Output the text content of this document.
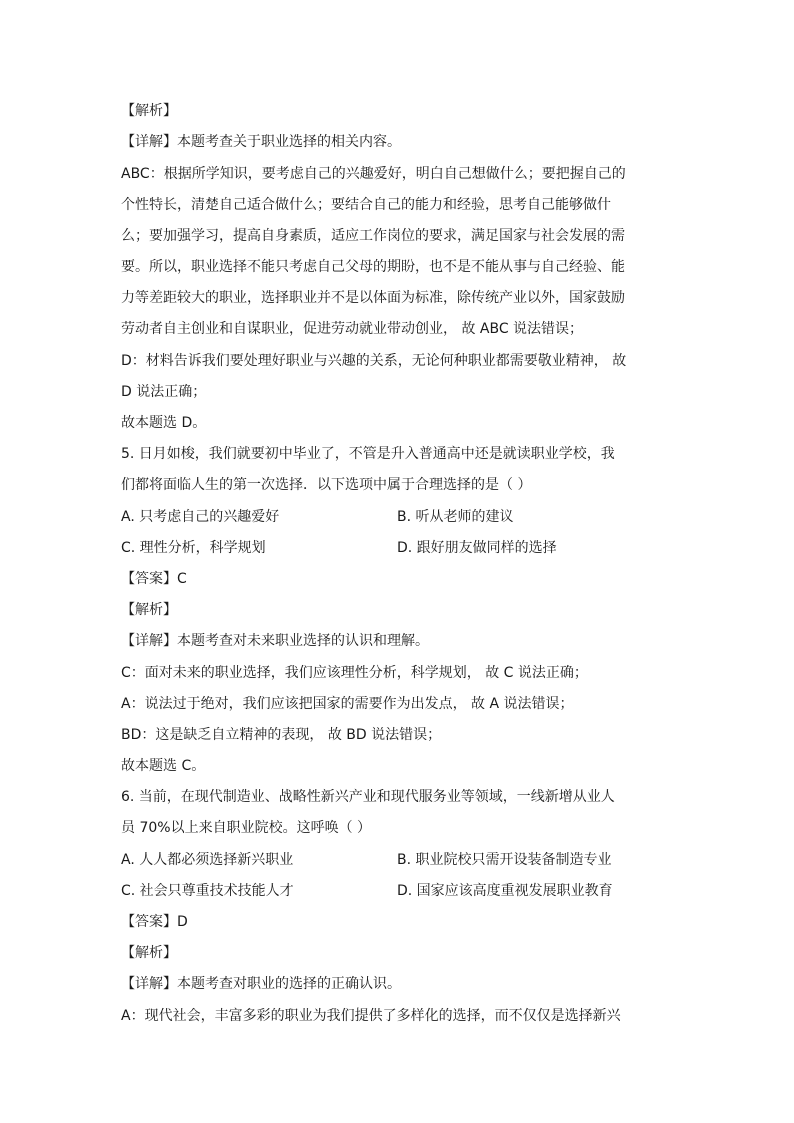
【解析】
【详解】本题考查关于职业选择的相关内容。
ABC：根据所学知识，要考虑自己的兴趣爱好，明白自己想做什么；要把握自己的
个性特长，清楚自己适合做什么；要结合自己的能力和经验，思考自己能够做什
么；要加强学习，提高自身素质，适应工作岗位的要求，满足国家与社会发展的需
要。所以，职业选择不能只考虑自己父母的期盼，也不是不能从事与自己经验、能
力等差距较大的职业，选择职业并不是以体面为标准，除传统产业以外，国家鼓励
劳动者自主创业和自谋职业，促进劳动就业带动创业， 故 ABC 说法错误；
D：材料告诉我们要处理好职业与兴趣的关系，无论何种职业都需要敬业精神， 故
D 说法正确；
故本题选 D。
5. 日月如梭，我们就要初中毕业了，不管是升入普通高中还是就读职业学校，我
们都将面临人生的第一次选择．以下选项中属于合理选择的是（ ）
A. 只考虑自己的兴趣爱好	B. 听从老师的建议
C. 理性分析，科学规划	D. 跟好朋友做同样的选择
【答案】C
【解析】
【详解】本题考查对未来职业选择的认识和理解。
C：面对未来的职业选择，我们应该理性分析，科学规划， 故 C 说法正确；
A：说法过于绝对，我们应该把国家的需要作为出发点， 故 A 说法错误；
BD：这是缺乏自立精神的表现， 故 BD 说法错误；
故本题选 C。
6. 当前，在现代制造业、战略性新兴产业和现代服务业等领域，一线新增从业人
员 70%以上来自职业院校。这呼唤（ ）
A. 人人都必须选择新兴职业	B. 职业院校只需开设装备制造专业
C. 社会只尊重技术技能人才	D. 国家应该高度重视发展职业教育
【答案】D
【解析】
【详解】本题考查对职业的选择的正确认识。
A：现代社会，丰富多彩的职业为我们提供了多样化的选择，而不仅仅是选择新兴
